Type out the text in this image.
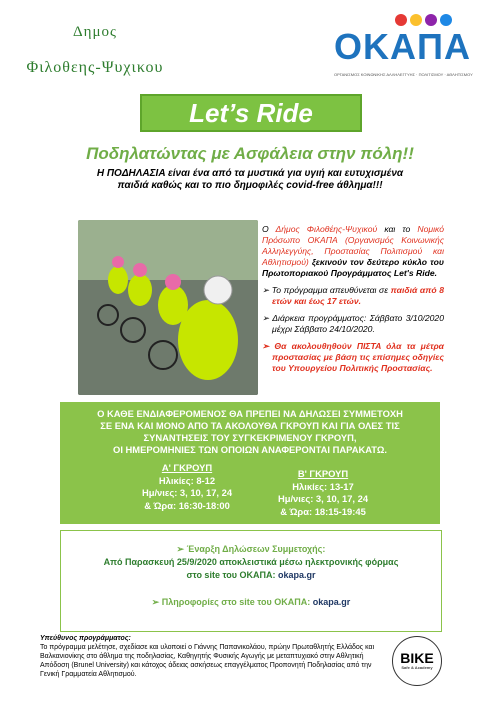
Δημος
Φιλοθεης-Ψυχικου
ΟΚΑΠΑ
ΟΡΓΑΝΙΣΜΟΣ ΚΟΙΝΩΝΙΚΗΣ ΑΛΛΗΛΕΓΓΥΗΣ · ΠΟΛΙΤΙΣΜΟΥ · ΑΘΛΗΤΙΣΜΟΥ
Let’s Ride
Ποδηλατώντας με Ασφάλεια στην πόλη!!
Η ΠΟΔΗΛΑΣΙΑ είναι ένα από τα μυστικά για υγιή και ευτυχισμένα παιδιά καθώς και το πιο δημοφιλές covid-free άθλημα!!!
Ο Δήμος Φιλοθέης-Ψυχικού και το Νομικό Πρόσωπο ΟΚΑΠΑ (Οργανισμός Κοινωνικής Αλληλεγγύης, Προστασίας Πολιτισμού και Αθλητισμού) ξεκινούν τον δεύτερο κύκλο του Πρωτοποριακού Προγράμματος Let's Ride.
➢ Το πρόγραμμα απευθύνεται σε παιδιά από 8 ετών και έως 17 ετών.
➢ Διάρκεια προγράμματος: Σάββατο 3/10/2020 μέχρι Σάββατο 24/10/2020.
➢ Θα ακολουθηθούν ΠΙΣΤΑ όλα τα μέτρα προστασίας με βάση τις επίσημες οδηγίες του Υπουργείου Πολιτικής Προστασίας.
Ο ΚΑΘΕ ΕΝΔΙΑΦΕΡΟΜΕΝΟΣ ΘΑ ΠΡΕΠΕΙ ΝΑ ΔΗΛΩΣΕΙ ΣΥΜΜΕΤΟΧΗ
ΣΕ ΕΝΑ ΚΑΙ ΜΟΝΟ ΑΠΟ ΤΑ ΑΚΟΛΟΥΘΑ ΓΚΡΟΥΠ ΚΑΙ ΓΙΑ ΟΛΕΣ ΤΙΣ
ΣΥΝΑΝΤΗΣΕΙΣ ΤΟΥ ΣΥΓΚΕΚΡΙΜΕΝΟΥ ΓΚΡΟΥΠ,
ΟΙ ΗΜΕΡΟΜΗΝΙΕΣ ΤΩΝ ΟΠΟΙΩΝ ΑΝΑΦΕΡΟΝΤΑΙ ΠΑΡΑΚΑΤΩ.
Α' ΓΚΡΟΥΠ
Ηλικίες: 8-12
Ημ/νιες: 3, 10, 17, 24
& Ώρα: 16:30-18:00
Β' ΓΚΡΟΥΠ
Ηλικίες: 13-17
Ημ/νιες: 3, 10, 17, 24
& Ώρα: 18:15-19:45
➢ Έναρξη Δηλώσεων Συμμετοχής:
Από Παρασκευή 25/9/2020 αποκλειστικά μέσω ηλεκτρονικής φόρμας
στο site του ΟΚΑΠΑ: okapa.gr
➢ Πληροφορίες στο site του ΟΚΑΠΑ: okapa.gr
Υπεύθυνος προγράμματος:
Το πρόγραμμα μελέτησε, σχεδίασε και υλοποιεί ο Γιάννης Παπανικολάου, πρώην Πρωταθλητής Ελλάδος και Βαλκανιονίκης στο άθλημα της ποδηλασίας, Καθηγητής Φυσικής Αγωγής με μεταπτυχιακό στην Αθλητική Απόδοση (Brunel University) και κάτοχος άδειας ασκήσεως επαγγέλματος Προπονητή Ποδηλασίας από την Γενική Γραμματεία Αθλητισμού.
BIKE
Safe & Academy
